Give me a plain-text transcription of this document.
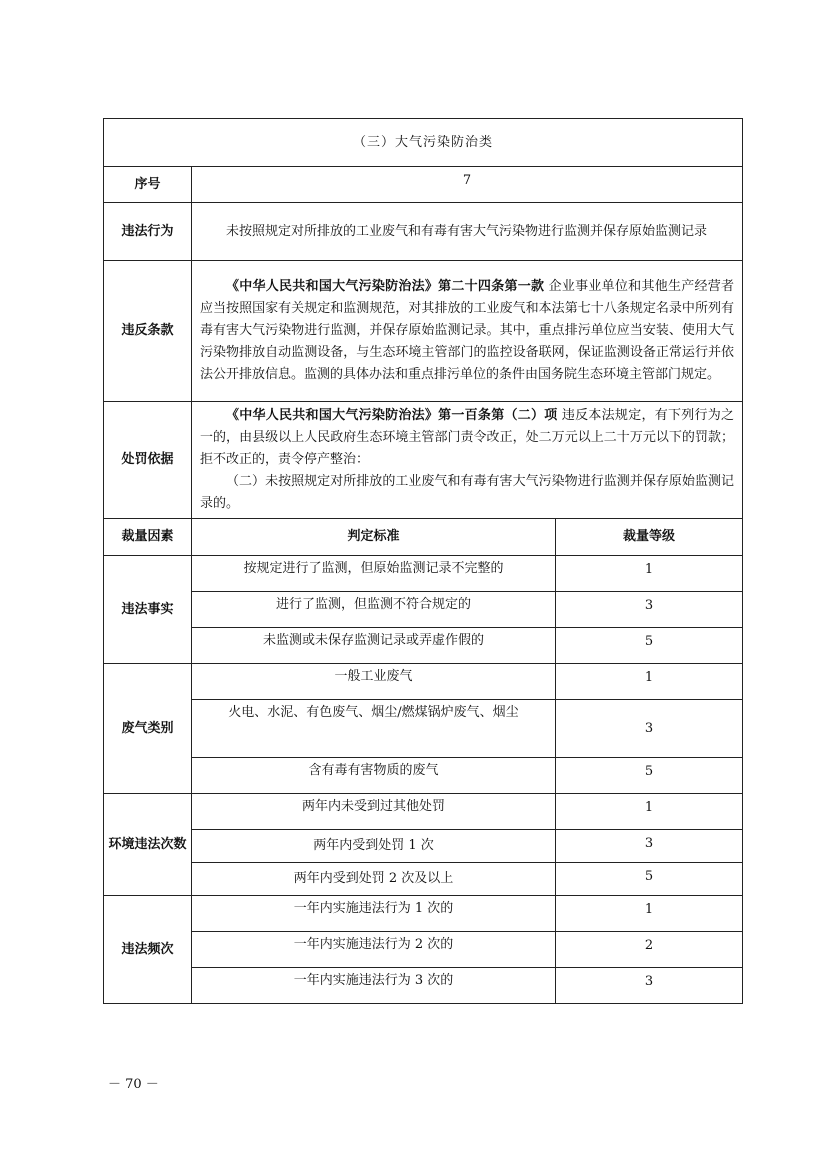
（三）大气污染防治类		
序号	7	
违法行为	未按照规定对所排放的工业废气和有毒有害大气污染物进行监测并保存原始监测记录	

违反条款	《中华人民共和国大气污染防治法》第二十四条第一款 企业事业单位和其他生产经营者应当按照国家有关规定和监测规范，对其排放的工业废气和本法第七十八条规定名录中所列有毒有害大气污染物进行监测，并保存原始监测记录。其中，重点排污单位应当安装、使用大气污染物排放自动监测设备，与生态环境主管部门的监控设备联网，保证监测设备正常运行并依法公开排放信息。监测的具体办法和重点排污单位的条件由国务院生态环境主管部门规定。	

处罚依据	《中华人民共和国大气污染防治法》第一百条第（二）项 违反本法规定，有下列行为之一的，由县级以上人民政府生态环境主管部门责令改正，处二万元以上二十万元以下的罚款；拒不改正的，责令停产整治：

（二）未按照规定对所排放的工业废气和有毒有害大气污染物进行监测并保存原始监测记录的。	

裁量因素	判定标准	裁量等级
违法事实	按规定进行了监测，但原始监测记录不完整的	1
	进行了监测，但监测不符合规定的	3
	未监测或未保存监测记录或弄虚作假的	5
废气类别	一般工业废气	1
	火电、水泥、有色废气、烟尘/燃煤锅炉废气、烟尘	3
	含有毒有害物质的废气	5
环境违法次数	两年内未受到过其他处罚	1
	两年内受到处罚 1 次	3
	两年内受到处罚 2 次及以上	5
违法频次	一年内实施违法行为 1 次的	1
	一年内实施违法行为 2 次的	2
	一年内实施违法行为 3 次的	3
－ 70 －
